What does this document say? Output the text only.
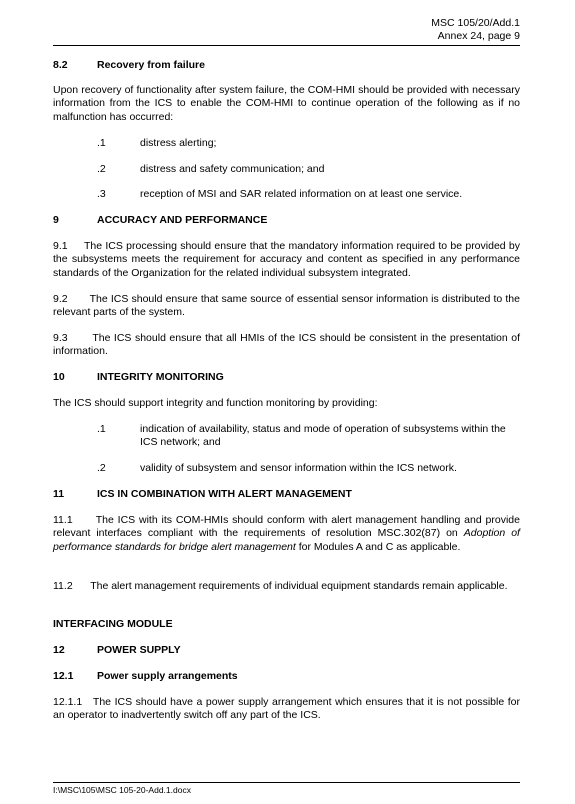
MSC 105/20/Add.1
Annex 24, page 9
8.2	Recovery from failure
Upon recovery of functionality after system failure, the COM-HMI should be provided with necessary information from the ICS to enable the COM-HMI to continue operation of the following as if no malfunction has occurred:
.1	distress alerting;
.2	distress and safety communication; and
.3	reception of MSI and SAR related information on at least one service.
9	ACCURACY AND PERFORMANCE
9.1 The ICS processing should ensure that the mandatory information required to be provided by the subsystems meets the requirement for accuracy and content as specified in any performance standards of the Organization for the related individual subsystem integrated.
9.2 The ICS should ensure that same source of essential sensor information is distributed to the relevant parts of the system.
9.3 The ICS should ensure that all HMIs of the ICS should be consistent in the presentation of information.
10	INTEGRITY MONITORING
The ICS should support integrity and function monitoring by providing:
.1	indication of availability, status and mode of operation of subsystems within the ICS network; and
.2	validity of subsystem and sensor information within the ICS network.
11	ICS IN COMBINATION WITH ALERT MANAGEMENT
11.1 The ICS with its COM-HMIs should conform with alert management handling and provide relevant interfaces compliant with the requirements of resolution MSC.302(87) on Adoption of performance standards for bridge alert management for Modules A and C as applicable.
11.2 The alert management requirements of individual equipment standards remain applicable.
INTERFACING MODULE
12	POWER SUPPLY
12.1 Power supply arrangements
12.1.1 The ICS should have a power supply arrangement which ensures that it is not possible for an operator to inadvertently switch off any part of the ICS.
I:\MSC\105\MSC 105-20-Add.1.docx
